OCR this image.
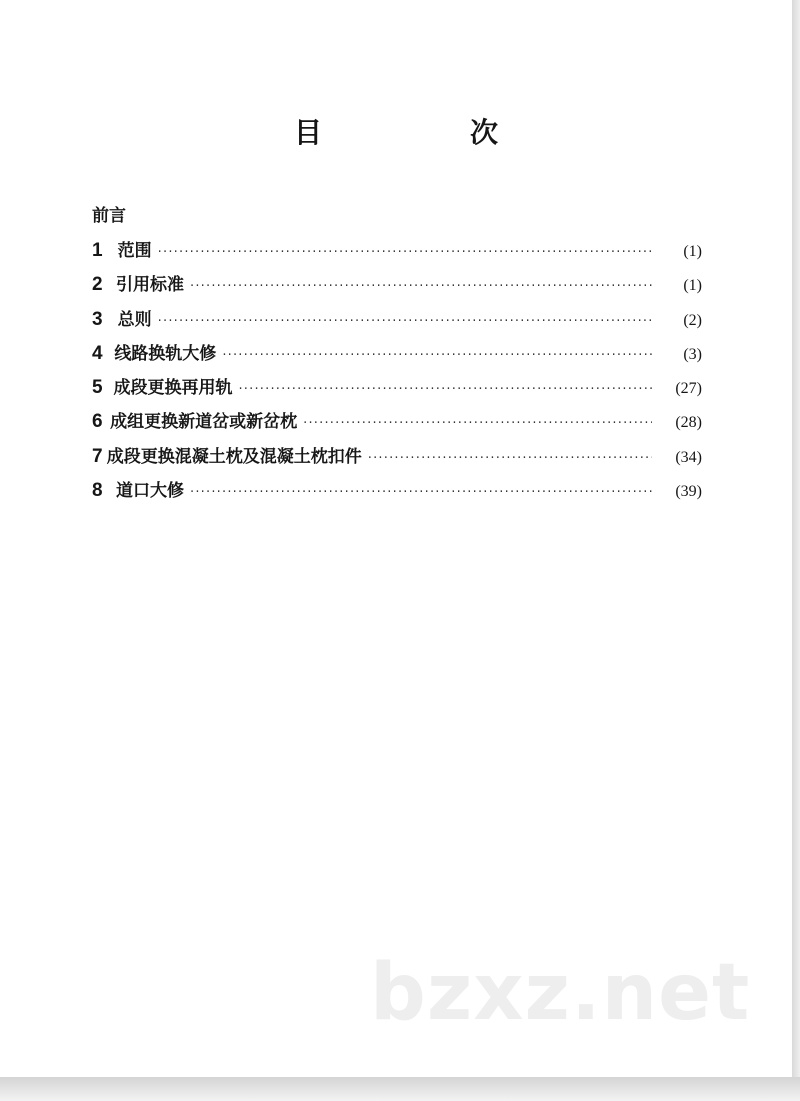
目　次

前言

1 范围 ·····	(1)
2 引用标准 ·····	(1)
3 总则 ·····	(2)
4 线路换轨大修 ·····	(3)
5 成段更换再用轨 ·····	(27)
6 成组更换新道岔或新岔枕 ·····	(28)
7 成段更换混凝土枕及混凝土枕扣件 ·····	(34)
8 道口大修 ·····	(39)

bzxz.net
